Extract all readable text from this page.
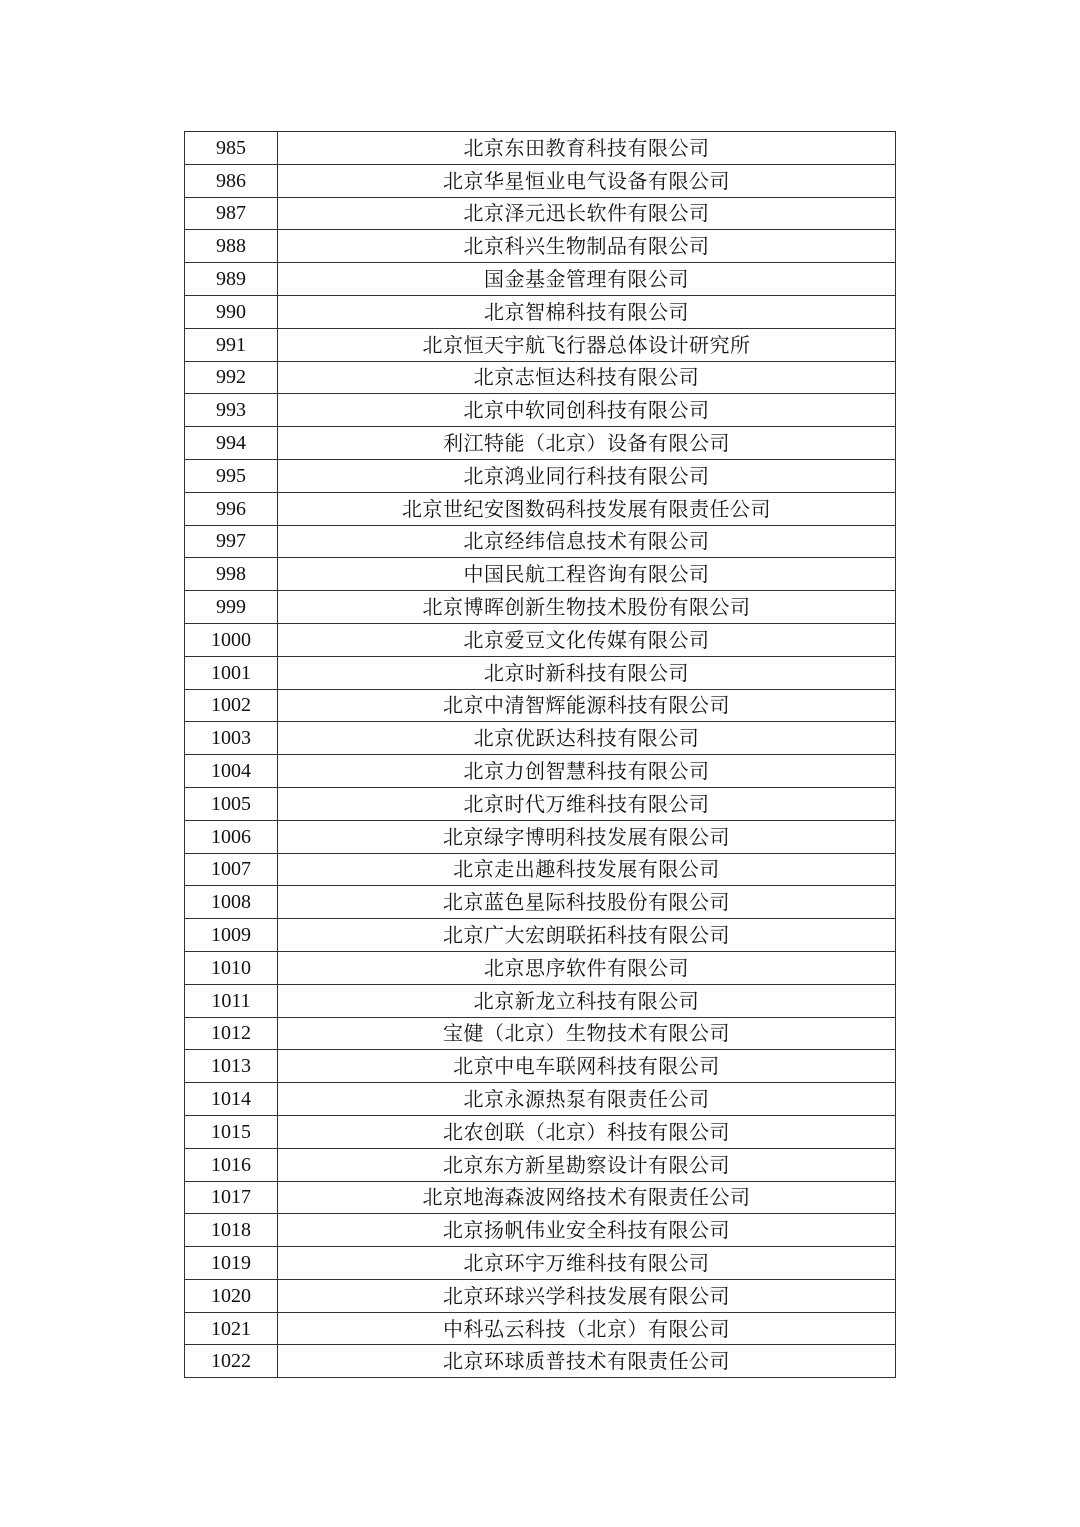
985	北京东田教育科技有限公司
986	北京华星恒业电气设备有限公司
987	北京泽元迅长软件有限公司
988	北京科兴生物制品有限公司
989	国金基金管理有限公司
990	北京智棉科技有限公司
991	北京恒天宇航飞行器总体设计研究所
992	北京志恒达科技有限公司
993	北京中软同创科技有限公司
994	利江特能（北京）设备有限公司
995	北京鸿业同行科技有限公司
996	北京世纪安图数码科技发展有限责任公司
997	北京经纬信息技术有限公司
998	中国民航工程咨询有限公司
999	北京博晖创新生物技术股份有限公司
1000	北京爱豆文化传媒有限公司
1001	北京时新科技有限公司
1002	北京中清智辉能源科技有限公司
1003	北京优跃达科技有限公司
1004	北京力创智慧科技有限公司
1005	北京时代万维科技有限公司
1006	北京绿字博明科技发展有限公司
1007	北京走出趣科技发展有限公司
1008	北京蓝色星际科技股份有限公司
1009	北京广大宏朗联拓科技有限公司
1010	北京思序软件有限公司
1011	北京新龙立科技有限公司
1012	宝健（北京）生物技术有限公司
1013	北京中电车联网科技有限公司
1014	北京永源热泵有限责任公司
1015	北农创联（北京）科技有限公司
1016	北京东方新星勘察设计有限公司
1017	北京地海森波网络技术有限责任公司
1018	北京扬帆伟业安全科技有限公司
1019	北京环宇万维科技有限公司
1020	北京环球兴学科技发展有限公司
1021	中科弘云科技（北京）有限公司
1022	北京环球质普技术有限责任公司
